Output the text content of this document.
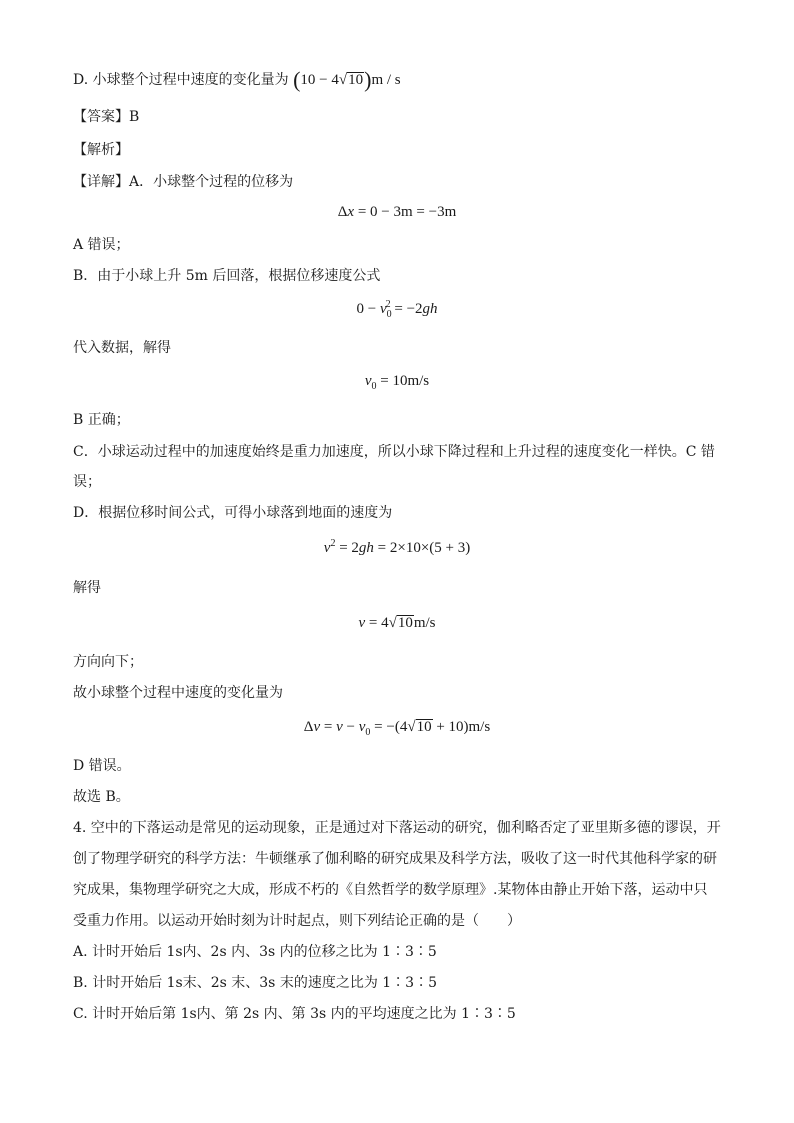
D. 小球整个过程中速度的变化量为 (10 − 4√10)m / s
【答案】B
【解析】
【详解】A．小球整个过程的位移为
Δx = 0 − 3m = −3m
A 错误；
B．由于小球上升 5m 后回落，根据位移速度公式
$0 - v_0^2 = -2gh$
代入数据，解得
$v_0 = 10m/s$
B 正确；
C．小球运动过程中的加速度始终是重力加速度，所以小球下降过程和上升过程的速度变化一样快。C 错
误；
D．根据位移时间公式，可得小球落到地面的速度为
$v^2 = 2gh = 2\times 10\times(5 + 3)$
解得
v = 4√10m/s
方向向下；
故小球整个过程中速度的变化量为
$\Delta v = v - v_0 = -(4√10 + 10)m/s$
D 错误。
故选 B。
4. 空中的下落运动是常见的运动现象，正是通过对下落运动的研究，伽利略否定了亚里斯多德的谬误，开
创了物理学研究的科学方法：牛顿继承了伽利略的研究成果及科学方法，吸收了这一时代其他科学家的研
究成果，集物理学研究之大成，形成不朽的《自然哲学的数学原理》.某物体由静止开始下落，运动中只
受重力作用。以运动开始时刻为计时起点，则下列结论正确的是（　　）
A. 计时开始后 1s内、2s 内、3s 内的位移之比为 1∶3∶5
B. 计时开始后 1s末、2s 末、3s 末的速度之比为 1∶3∶5
C. 计时开始后第 1s内、第 2s 内、第 3s 内的平均速度之比为 1∶3∶5
